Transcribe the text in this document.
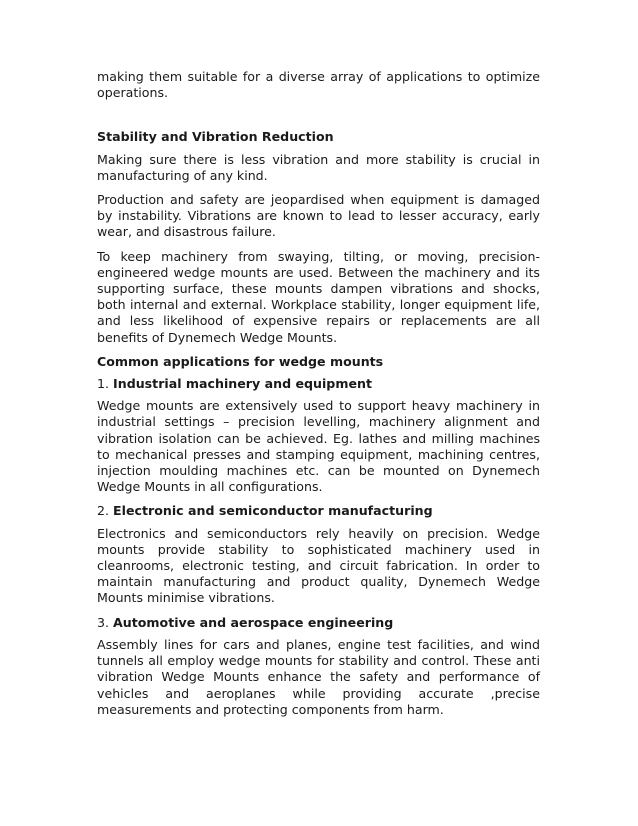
making them suitable for a diverse array of applications to optimize operations.

Stability and Vibration Reduction

Making sure there is less vibration and more stability is crucial in manufacturing of any kind.

Production and safety are jeopardised when equipment is damaged by instability. Vibrations are known to lead to lesser accuracy, early wear, and disastrous failure.

To keep machinery from swaying, tilting, or moving, precision-engineered wedge mounts are used. Between the machinery and its supporting surface, these mounts dampen vibrations and shocks, both internal and external. Workplace stability, longer equipment life, and less likelihood of expensive repairs or replacements are all benefits of Dynemech Wedge Mounts.

Common applications for wedge mounts

1. Industrial machinery and equipment

Wedge mounts are extensively used to support heavy machinery in industrial settings – precision levelling, machinery alignment and vibration isolation can be achieved. Eg. lathes and milling machines to mechanical presses and stamping equipment, machining centres, injection moulding machines etc. can be mounted on Dynemech Wedge Mounts in all configurations.

2. Electronic and semiconductor manufacturing

Electronics and semiconductors rely heavily on precision. Wedge mounts provide stability to sophisticated machinery used in cleanrooms, electronic testing, and circuit fabrication. In order to maintain manufacturing and product quality, Dynemech Wedge Mounts minimise vibrations.

3. Automotive and aerospace engineering

Assembly lines for cars and planes, engine test facilities, and wind tunnels all employ wedge mounts for stability and control. These anti vibration Wedge Mounts enhance the safety and performance of vehicles and aeroplanes while providing accurate ,precise measurements and protecting components from harm.
